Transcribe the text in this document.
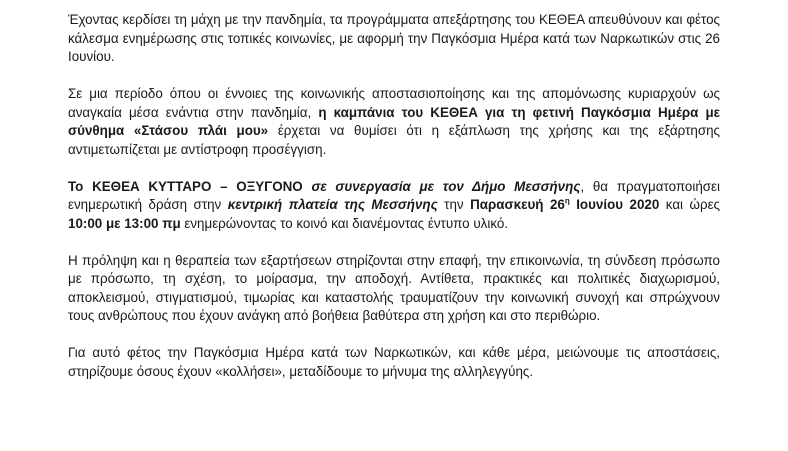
Έχοντας κερδίσει τη μάχη με την πανδημία, τα προγράμματα απεξάρτησης του ΚΕΘΕΑ απευθύνουν και φέτος κάλεσμα ενημέρωσης στις τοπικές κοινωνίες, με αφορμή την Παγκόσμια Ημέρα κατά των Ναρκωτικών στις 26 Ιουνίου.

Σε μια περίοδο όπου οι έννοιες της κοινωνικής αποστασιοποίησης και της απομόνωσης κυριαρχούν ως αναγκαία μέσα ενάντια στην πανδημία, η καμπάνια του ΚΕΘΕΑ για τη φετινή Παγκόσμια Ημέρα με σύνθημα «Στάσου πλάι μου» έρχεται να θυμίσει ότι η εξάπλωση της χρήσης και της εξάρτησης αντιμετωπίζεται με αντίστροφη προσέγγιση.

Το ΚΕΘΕΑ ΚΥΤΤΑΡΟ – ΟΞΥΓΟΝΟ σε συνεργασία με τον Δήμο Μεσσήνης, θα πραγματοποιήσει ενημερωτική δράση στην κεντρική πλατεία της Μεσσήνης την Παρασκευή $26^\eta$ Ιουνίου 2020 και ώρες 10:00 με 13:00 πμ ενημερώνοντας το κοινό και διανέμοντας έντυπο υλικό.

Η πρόληψη και η θεραπεία των εξαρτήσεων στηρίζονται στην επαφή, την επικοινωνία, τη σύνδεση πρόσωπο με πρόσωπο, τη σχέση, το μοίρασμα, την αποδοχή. Αντίθετα, πρακτικές και πολιτικές διαχωρισμού, αποκλεισμού, στιγματισμού, τιμωρίας και καταστολής τραυματίζουν την κοινωνική συνοχή και σπρώχνουν τους ανθρώπους που έχουν ανάγκη από βοήθεια βαθύτερα στη χρήση και στο περιθώριο.

Για αυτό φέτος την Παγκόσμια Ημέρα κατά των Ναρκωτικών, και κάθε μέρα, μειώνουμε τις αποστάσεις, στηρίζουμε όσους έχουν «κολλήσει», μεταδίδουμε το μήνυμα της αλληλεγγύης.
